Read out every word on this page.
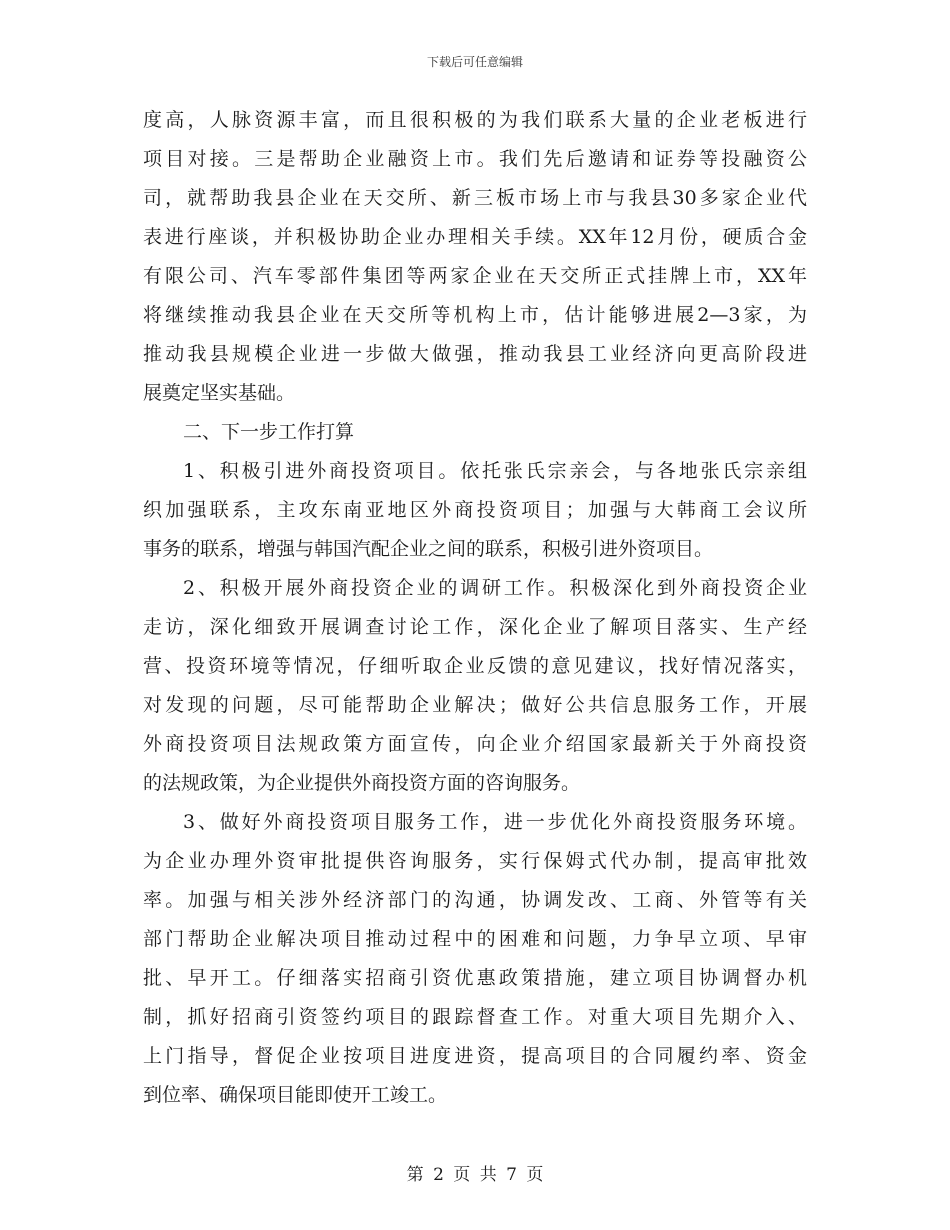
下载后可任意编辑
度高，人脉资源丰富，而且很积极的为我们联系大量的企业老板进行
项目对接。三是帮助企业融资上市。我们先后邀请和证券等投融资公
司，就帮助我县企业在天交所、新三板市场上市与我县30多家企业代
表进行座谈，并积极协助企业办理相关手续。XX年12月份，硬质合金
有限公司、汽车零部件集团等两家企业在天交所正式挂牌上市，XX年
将继续推动我县企业在天交所等机构上市，估计能够进展2—3家，为
推动我县规模企业进一步做大做强，推动我县工业经济向更高阶段进
展奠定坚实基础。
二、下一步工作打算
1、积极引进外商投资项目。依托张氏宗亲会，与各地张氏宗亲组
织加强联系，主攻东南亚地区外商投资项目；加强与大韩商工会议所
事务的联系，增强与韩国汽配企业之间的联系，积极引进外资项目。
2、积极开展外商投资企业的调研工作。积极深化到外商投资企业
走访，深化细致开展调查讨论工作，深化企业了解项目落实、生产经
营、投资环境等情况，仔细听取企业反馈的意见建议，找好情况落实，
对发现的问题，尽可能帮助企业解决；做好公共信息服务工作，开展
外商投资项目法规政策方面宣传，向企业介绍国家最新关于外商投资
的法规政策，为企业提供外商投资方面的咨询服务。
3、做好外商投资项目服务工作，进一步优化外商投资服务环境。
为企业办理外资审批提供咨询服务，实行保姆式代办制，提高审批效
率。加强与相关涉外经济部门的沟通，协调发改、工商、外管等有关
部门帮助企业解决项目推动过程中的困难和问题，力争早立项、早审
批、早开工。仔细落实招商引资优惠政策措施，建立项目协调督办机
制，抓好招商引资签约项目的跟踪督查工作。对重大项目先期介入、
上门指导，督促企业按项目进度进资，提高项目的合同履约率、资金
到位率、确保项目能即使开工竣工。
第 2 页 共 7 页
